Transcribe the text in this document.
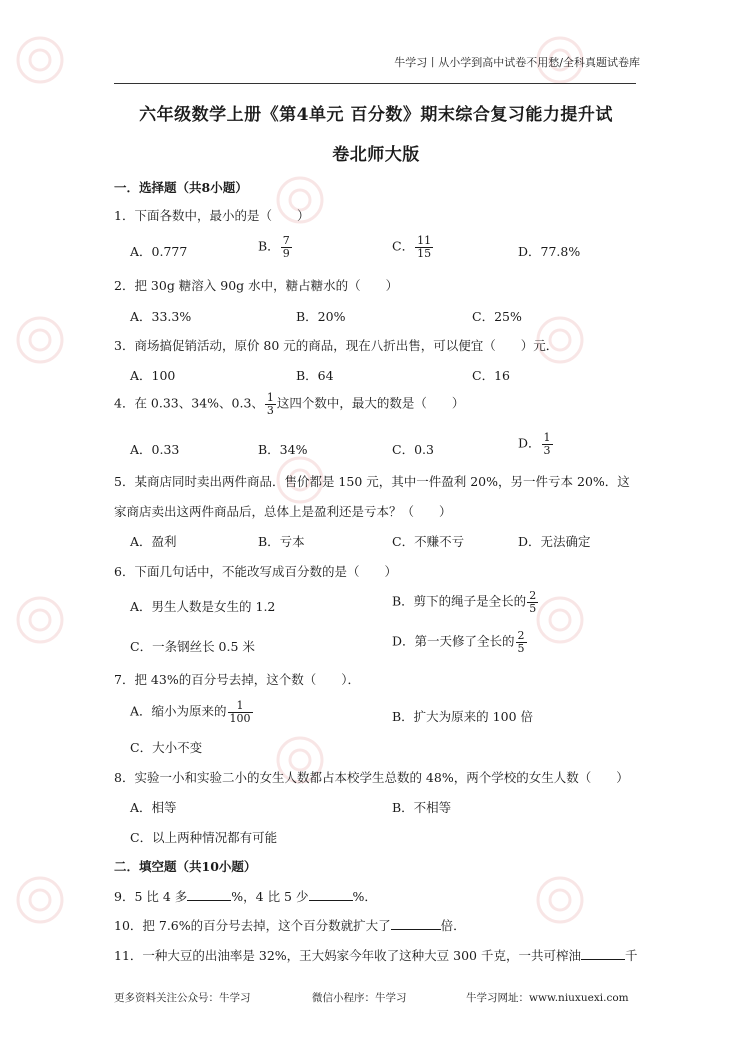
牛学习丨从小学到高中试卷不用愁/全科真题试卷库
六年级数学上册《第4单元 百分数》期末综合复习能力提升试
卷北师大版
一．选择题（共8小题）
1．下面各数中，最小的是（　　）
A．0.777	B． $\frac{7}{9}$	C． $\frac{11}{15}$	D．77.8%
2．把 30g 糖溶入 90g 水中，糖占糖水的（　　）
A．33.3%	B．20%	C．25%
3．商场搞促销活动，原价 80 元的商品，现在八折出售，可以便宜（　　）元．
A．100	B．64	C．16
4．在 0.33、34%、0.3、 $\frac{1}{3}$ 这四个数中，最大的数是（　　）
A．0.33	B．34%	C．0.3	D． $\frac{1}{3}$
5．某商店同时卖出两件商品．售价都是 150 元，其中一件盈利 20%，另一件亏本 20%．这
家商店卖出这两件商品后，总体上是盈利还是亏本？（　　）
A．盈利	B．亏本	C．不赚不亏	D．无法确定
6．下面几句话中，不能改写成百分数的是（　　）
A．男生人数是女生的 1.2	B．剪下的绳子是全长的 $\frac{2}{5}$
C．一条钢丝长 0.5 米	D．第一天修了全长的 $\frac{2}{5}$
7．把 43%的百分号去掉，这个数（　　）．
A．缩小为原来的 $\frac{1}{100}$	B．扩大为原来的 100 倍
C．大小不变
8．实验一小和实验二小的女生人数都占本校学生总数的 48%，两个学校的女生人数（　　）
A．相等	B．不相等
C．以上两种情况都有可能
二．填空题（共10小题）
9．5 比 4 多	%，4 比 5 少	%．
10．把 7.6%的百分号去掉，这个百分数就扩大了	倍．
11．一种大豆的出油率是 32%，王大妈家今年收了这种大豆 300 千克，一共可榨油	千
更多资料关注公众号：牛学习	微信小程序：牛学习	牛学习网址：www.niuxuexi.com
